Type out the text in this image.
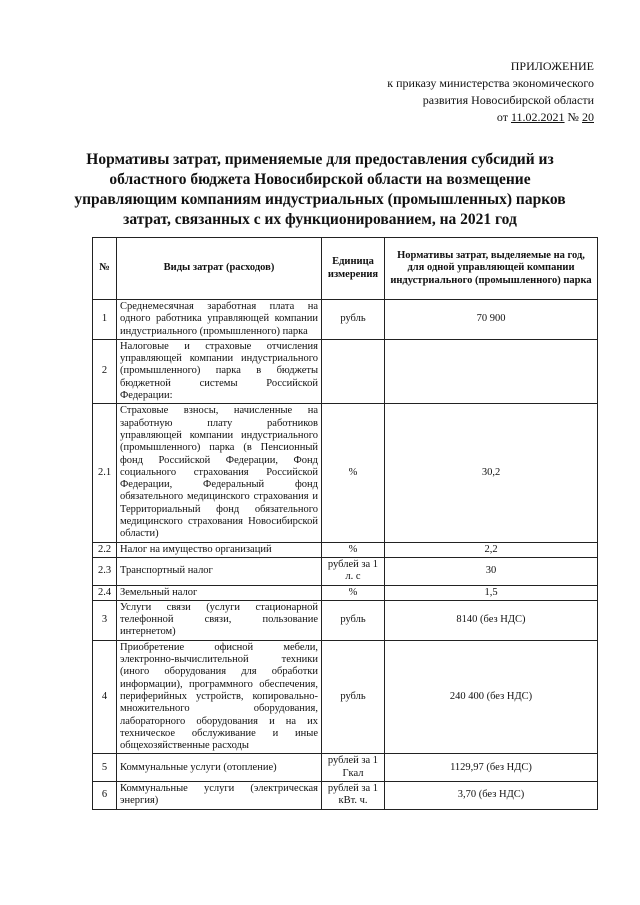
ПРИЛОЖЕНИЕ
к приказу министерства экономического
развития Новосибирской области
от 11.02.2021 № 20
Нормативы затрат, применяемые для предоставления субсидий из областного бюджета Новосибирской области на возмещение управляющим компаниям индустриальных (промышленных) парков затрат, связанных с их функционированием, на 2021 год
№	Виды затрат (расходов)	Единица измерения	Нормативы затрат, выделяемые на год, для одной управляющей компании индустриального (промышленного) парка
1	Среднемесячная заработная плата на одного работника управляющей компании индустриального (промышленного) парка	рубль	70 900
2	Налоговые и страховые отчисления управляющей компании индустриального (промышленного) парка в бюджеты бюджетной системы Российской Федерации:		
2.1	Страховые взносы, начисленные на заработную плату работников управляющей компании индустриального (промышленного) парка (в Пенсионный фонд Российской Федерации, Фонд социального страхования Российской Федерации, Федеральный фонд обязательного медицинского страхования и Территориальный фонд обязательного медицинского страхования Новосибирской области)	%	30,2
2.2	Налог на имущество организаций	%	2,2
2.3	Транспортный налог	рублей за 1 л. с	30
2.4	Земельный налог	%	1,5
3	Услуги связи (услуги стационарной телефонной связи, пользование интернетом)	рубль	8140 (без НДС)
4	Приобретение офисной мебели, электронно-вычислительной техники (иного оборудования для обработки информации), программного обеспечения, периферийных устройств, копировально-множительного оборудования, лабораторного оборудования и на их техническое обслуживание и иные общехозяйственные расходы	рубль	240 400 (без НДС)
5	Коммунальные услуги (отопление)	рублей за 1 Гкал	1129,97 (без НДС)
6	Коммунальные услуги (электрическая энергия)	рублей за 1 кВт. ч.	3,70 (без НДС)
